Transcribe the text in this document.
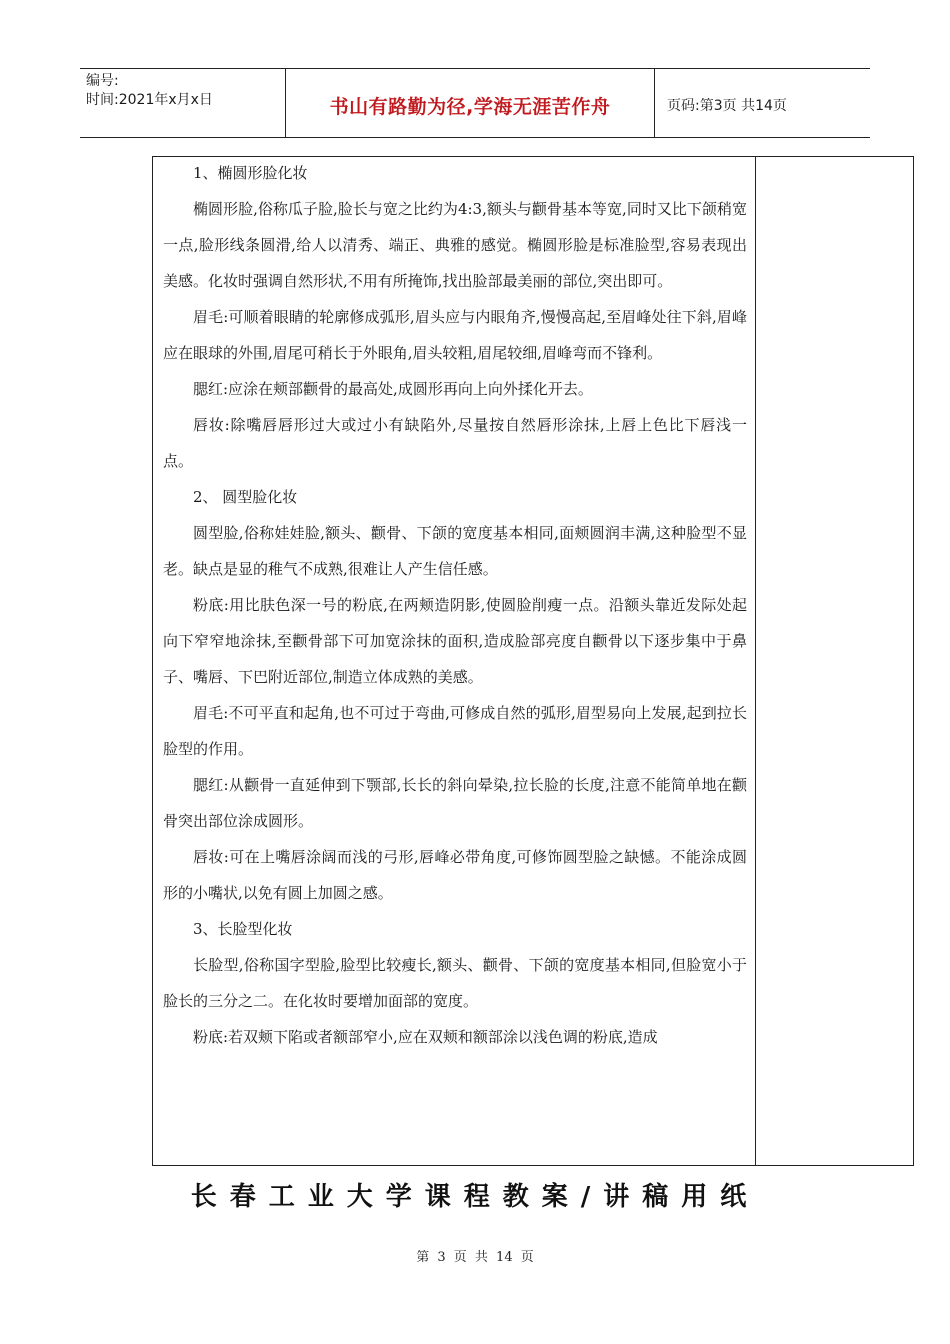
编号:
时间:2021年x月x日	书山有路勤为径,学海无涯苦作舟	页码:第3页 共14页

1、椭圆形脸化妆

椭圆形脸,俗称瓜子脸,脸长与宽之比约为4:3,额头与颧骨基本等宽,同时又比下颌稍宽一点,脸形线条圆滑,给人以清秀、端正、典雅的感觉。椭圆形脸是标准脸型,容易表现出美感。化妆时强调自然形状,不用有所掩饰,找出脸部最美丽的部位,突出即可。

眉毛:可顺着眼睛的轮廓修成弧形,眉头应与内眼角齐,慢慢高起,至眉峰处往下斜,眉峰应在眼球的外围,眉尾可稍长于外眼角,眉头较粗,眉尾较细,眉峰弯而不锋利。

腮红:应涂在颊部颧骨的最高处,成圆形再向上向外揉化开去。

唇妆:除嘴唇唇形过大或过小有缺陷外,尽量按自然唇形涂抹,上唇上色比下唇浅一点。

2、 圆型脸化妆

圆型脸,俗称娃娃脸,额头、颧骨、下颌的宽度基本相同,面颊圆润丰满,这种脸型不显老。缺点是显的稚气不成熟,很难让人产生信任感。

粉底:用比肤色深一号的粉底,在两颊造阴影,使圆脸削瘦一点。沿额头靠近发际处起向下窄窄地涂抹,至颧骨部下可加宽涂抹的面积,造成脸部亮度自颧骨以下逐步集中于鼻子、嘴唇、下巴附近部位,制造立体成熟的美感。

眉毛:不可平直和起角,也不可过于弯曲,可修成自然的弧形,眉型易向上发展,起到拉长脸型的作用。

腮红:从颧骨一直延伸到下颚部,长长的斜向晕染,拉长脸的长度,注意不能简单地在颧骨突出部位涂成圆形。

唇妆:可在上嘴唇涂阔而浅的弓形,唇峰必带角度,可修饰圆型脸之缺憾。不能涂成圆形的小嘴状,以免有圆上加圆之感。

3、长脸型化妆

长脸型,俗称国字型脸,脸型比较瘦长,额头、颧骨、下颌的宽度基本相同,但脸宽小于脸长的三分之二。在化妆时要增加面部的宽度。

粉底:若双颊下陷或者额部窄小,应在双颊和额部涂以浅色调的粉底,造成

长春工业大学课程教案/讲稿用纸
第 3 页 共 14 页
